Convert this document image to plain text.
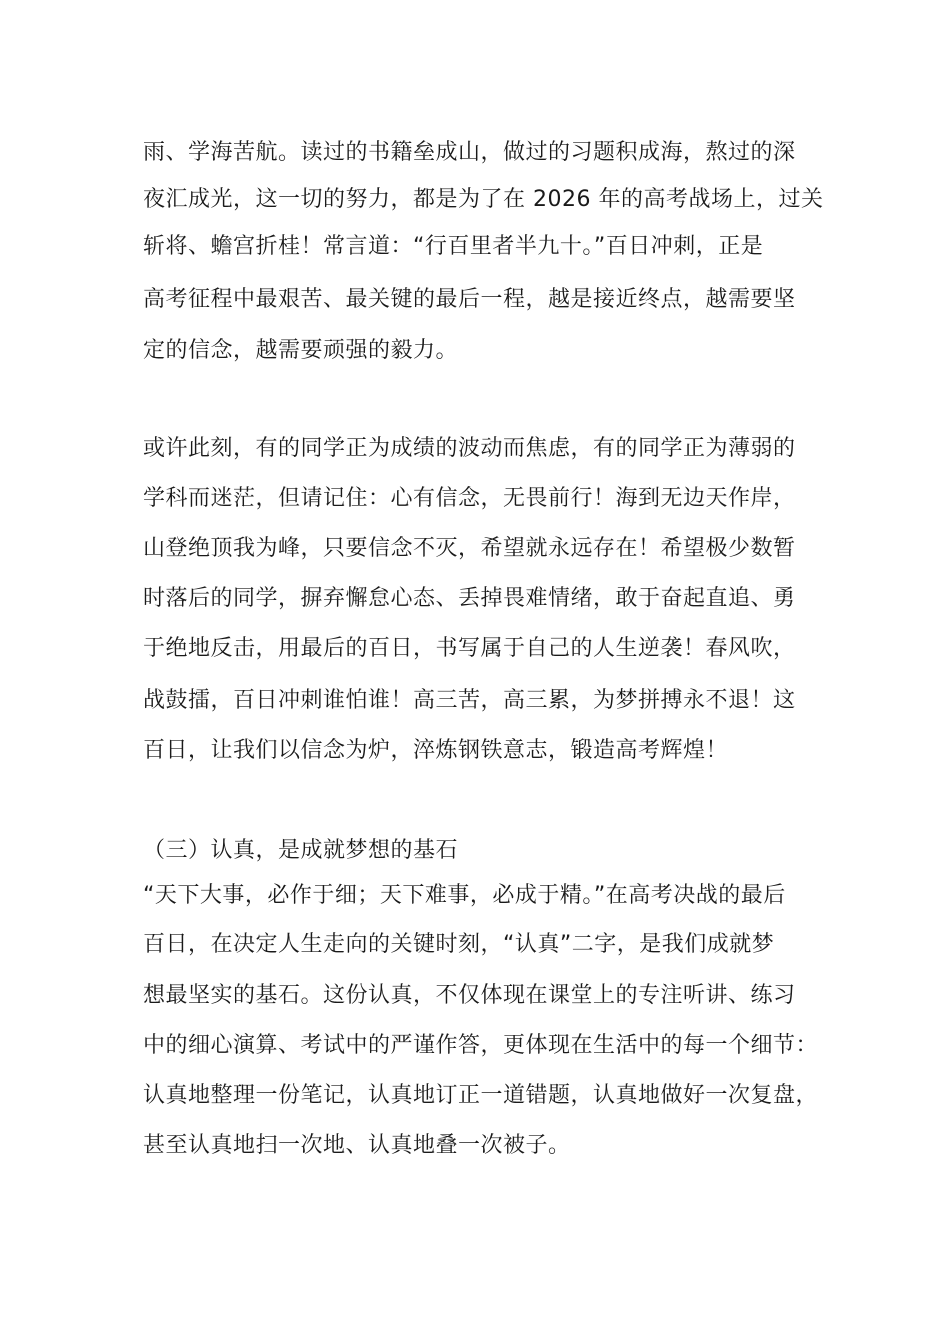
雨、学海苦航。读过的书籍垒成山，做过的习题积成海，熬过的深

夜汇成光，这一切的努力，都是为了在 2026 年的高考战场上，过关

斩将、蟾宫折桂！常言道：“行百里者半九十。”百日冲刺，正是

高考征程中最艰苦、最关键的最后一程，越是接近终点，越需要坚

定的信念，越需要顽强的毅力。

或许此刻，有的同学正为成绩的波动而焦虑，有的同学正为薄弱的

学科而迷茫，但请记住：心有信念，无畏前行！海到无边天作岸，

山登绝顶我为峰，只要信念不灭，希望就永远存在！希望极少数暂

时落后的同学，摒弃懈怠心态、丢掉畏难情绪，敢于奋起直追、勇

于绝地反击，用最后的百日，书写属于自己的人生逆袭！春风吹，

战鼓擂，百日冲刺谁怕谁！高三苦，高三累，为梦拼搏永不退！这

百日，让我们以信念为炉，淬炼钢铁意志，锻造高考辉煌！

（三）认真，是成就梦想的基石

“天下大事，必作于细；天下难事，必成于精。”在高考决战的最后

百日，在决定人生走向的关键时刻，“认真”二字，是我们成就梦

想最坚实的基石。这份认真，不仅体现在课堂上的专注听讲、练习

中的细心演算、考试中的严谨作答，更体现在生活中的每一个细节：

认真地整理一份笔记，认真地订正一道错题，认真地做好一次复盘，

甚至认真地扫一次地、认真地叠一次被子。
